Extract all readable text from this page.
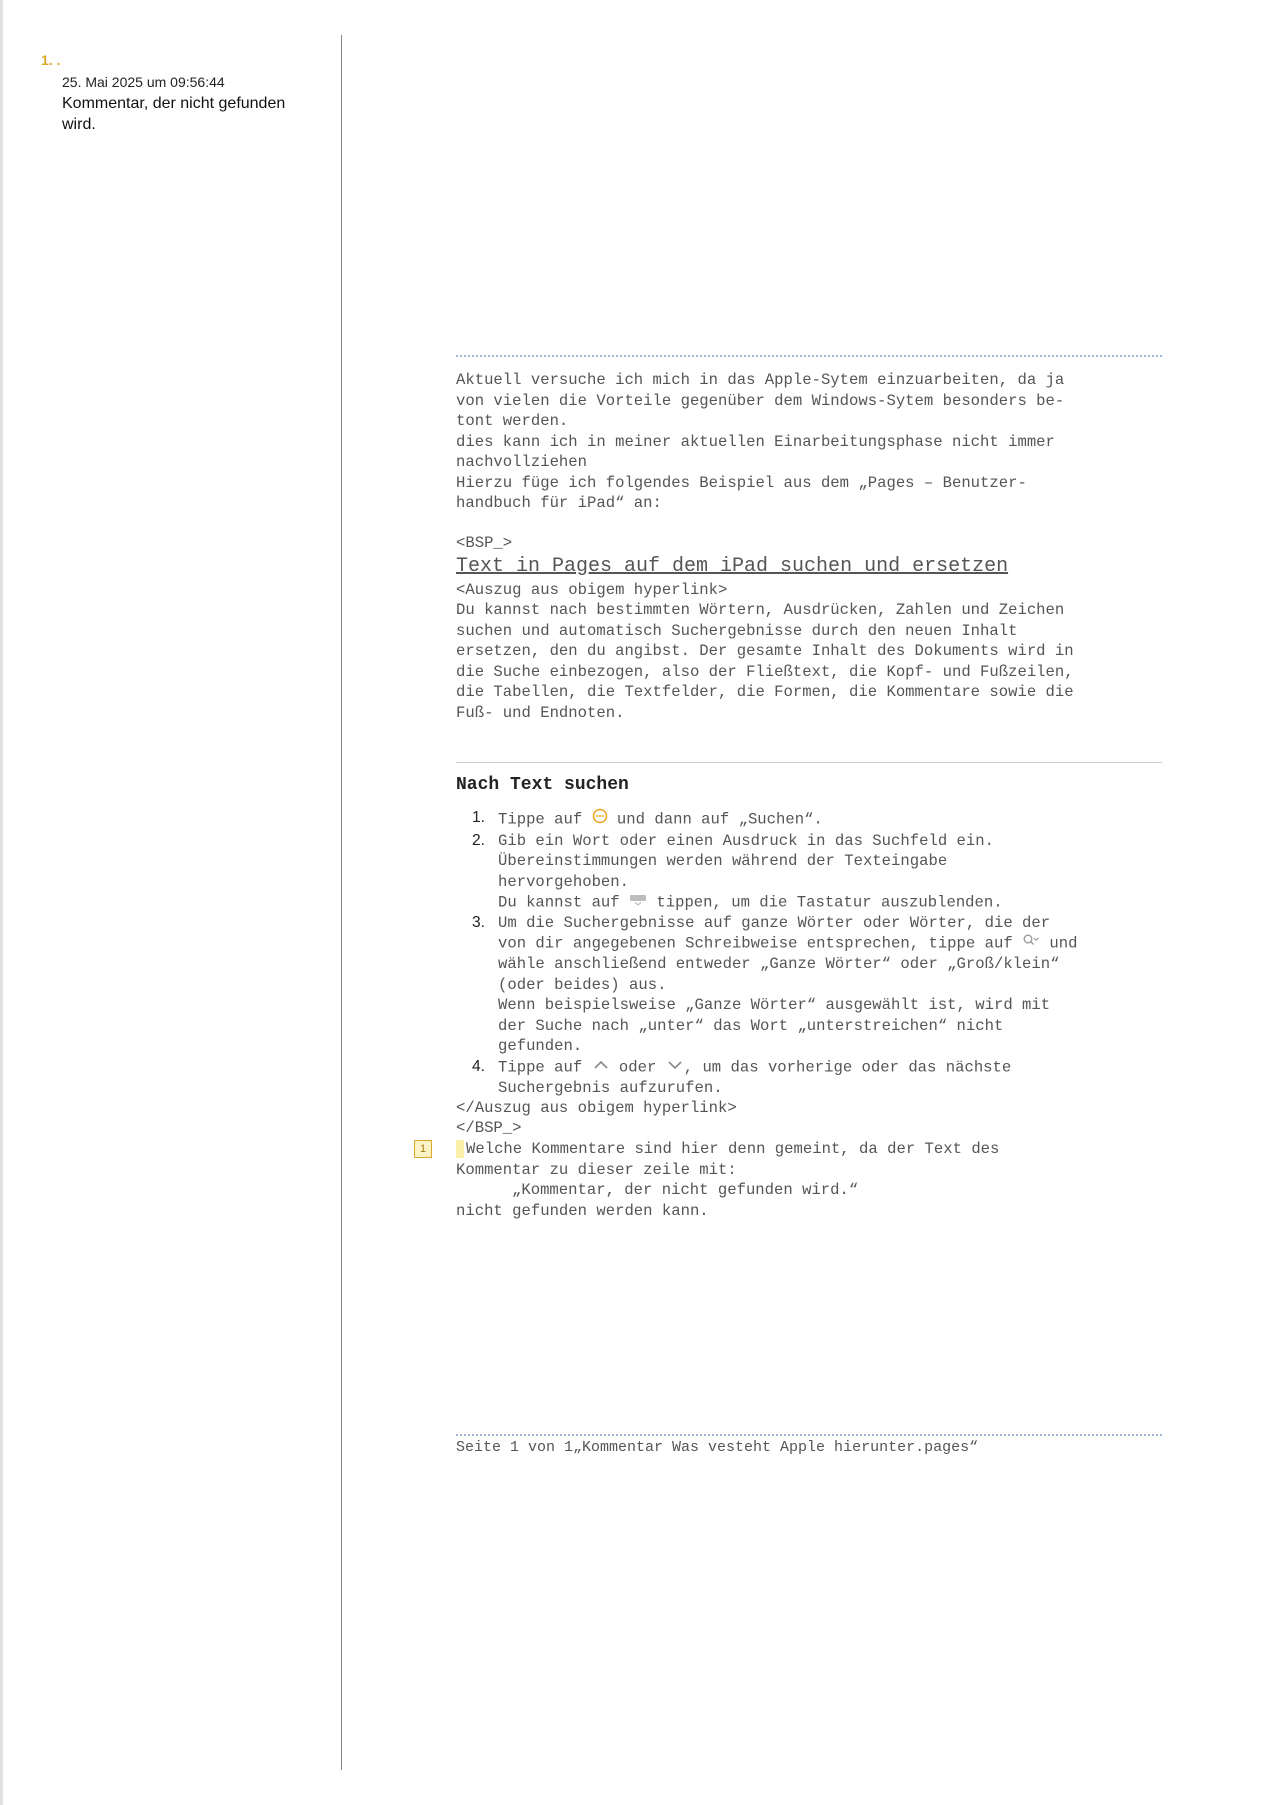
1. .
25. Mai 2025 um 09:56:44
Kommentar, der nicht gefunden wird.
Aktuell versuche ich mich in das Apple-Sytem einzuarbeiten, da ja
von vielen die Vorteile gegenüber dem Windows-Sytem besonders be-
tont werden.
dies kann ich in meiner aktuellen Einarbeitungsphase nicht immer
nachvollziehen
Hierzu füge ich folgendes Beispiel aus dem „Pages – Benutzer-
handbuch für iPad“ an:
<BSP_>
Text in Pages auf dem iPad suchen und ersetzen
<Auszug aus obigem hyperlink>
Du kannst nach bestimmten Wörtern, Ausdrücken, Zahlen und Zeichen
suchen und automatisch Suchergebnisse durch den neuen Inhalt
ersetzen, den du angibst. Der gesamte Inhalt des Dokuments wird in
die Suche einbezogen, also der Fließtext, die Kopf- und Fußzeilen,
die Tabellen, die Textfelder, die Formen, die Kommentare sowie die
Fuß- und Endnoten.
Nach Text suchen
1. Tippe auf  und dann auf „Suchen“.
2. Gib ein Wort oder einen Ausdruck in das Suchfeld ein.
Übereinstimmungen werden während der Texteingabe
hervorgehoben.
Du kannst auf  tippen, um die Tastatur auszublenden.
3. Um die Suchergebnisse auf ganze Wörter oder Wörter, die der
von dir angegebenen Schreibweise entsprechen, tippe auf  und
wähle anschließend entweder „Ganze Wörter“ oder „Groß/klein“
(oder beides) aus.
Wenn beispielsweise „Ganze Wörter“ ausgewählt ist, wird mit
der Suche nach „unter“ das Wort „unterstreichen“ nicht
gefunden.
4. Tippe auf  oder , um das vorherige oder das nächste
Suchergebnis aufzurufen.
</Auszug aus obigem hyperlink>
</BSP_>
1	Welche Kommentare sind hier denn gemeint, da der Text des
Kommentar zu dieser zeile mit:
„Kommentar, der nicht gefunden wird.“
nicht gefunden werden kann.
Seite 1 von 1„Kommentar Was vesteht Apple hierunter.pages“
